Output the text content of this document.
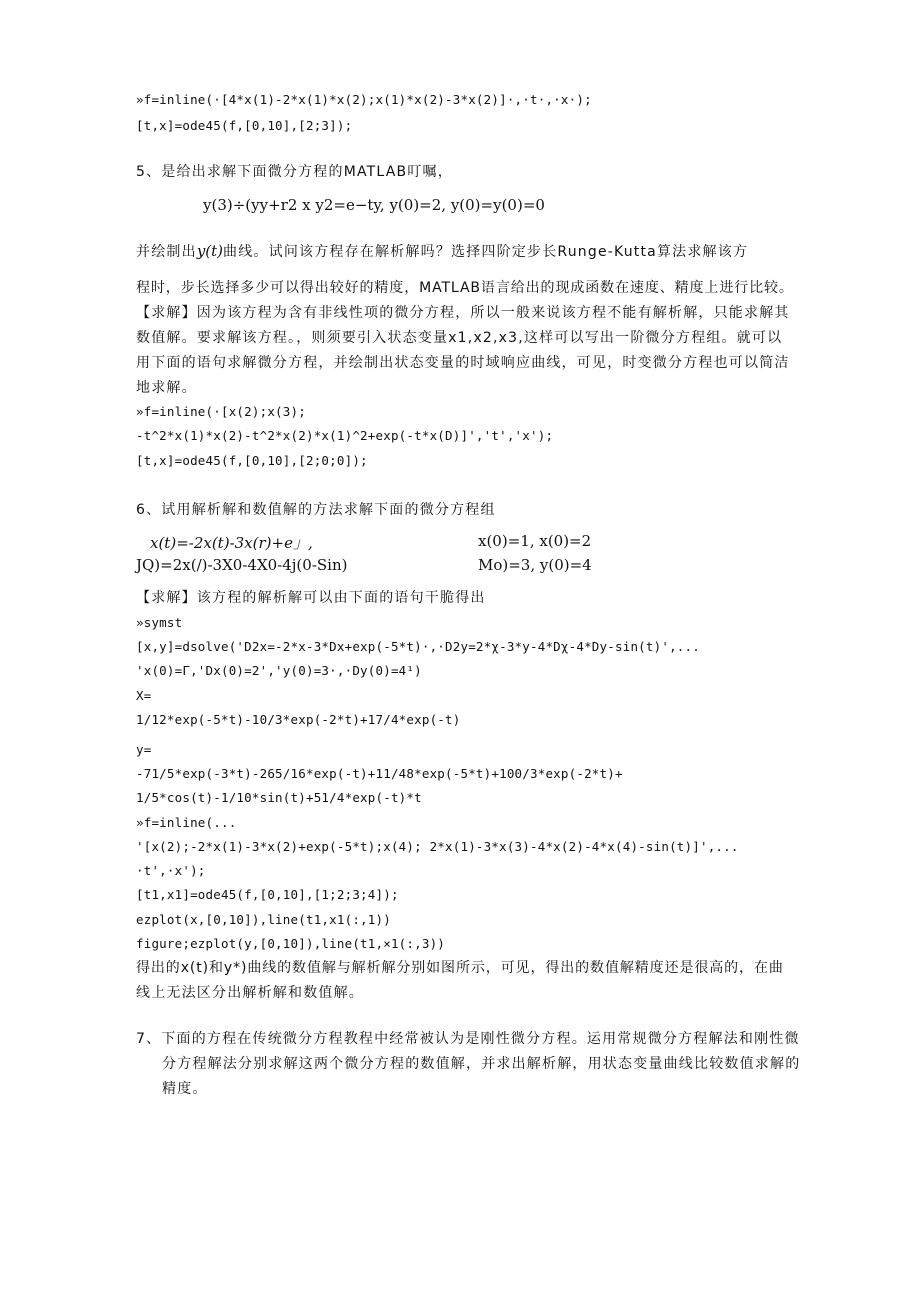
»f=inline(·[4*x(1)-2*x(1)*x(2);x(1)*x(2)-3*x(2)]·,·t·,·x·);
[t,x]=ode45(f,[0,10],[2;3]);
5、是给出求解下面微分方程的MATLAB叮嘱，
y(3)÷(yy+r2 x y2=e−ty, y(0)=2, y(0)=y(0)=0
并绘制出y(t)曲线。试问该方程存在解析解吗？选择四阶定步长Runge-Kutta算法求解该方
程时，步长选择多少可以得出较好的精度，MATLAB语言给出的现成函数在速度、精度上进行比较。
【求解】因为该方程为含有非线性项的微分方程，所以一般来说该方程不能有解析解，只能求解其
数值解。要求解该方程。，则须要引入状态变量x1,x2,x3,这样可以写出一阶微分方程组。就可以
用下面的语句求解微分方程，并绘制出状态变量的时域响应曲线，可见，时变微分方程也可以简洁
地求解。
»f=inline(·[x(2);x(3);
-t^2*x(1)*x(2)-t^2*x(2)*x(1)^2+exp(-t*x(D)]','t','x');
[t,x]=ode45(f,[0,10],[2;0;0]);
6、试用解析解和数值解的方法求解下面的微分方程组
x(t)=-2x(t)-3x(r)+e」,	x(0)=1, x(0)=2
JQ)=2x(/)-3X0-4X0-4j(0-Sin)	Mo)=3, y(0)=4
【求解】该方程的解析解可以由下面的语句干脆得出
»symst
[x,y]=dsolve('D2x=-2*x-3*Dx+exp(-5*t)·,·D2y=2*χ-3*y-4*Dχ-4*Dy-sin(t)',...
'x(0)=Γ,'Dx(0)=2','y(0)=3·,·Dy(0)=4¹)
X=
1/12*exp(-5*t)-10/3*exp(-2*t)+17/4*exp(-t)
y=
-71/5*exp(-3*t)-265/16*exp(-t)+11/48*exp(-5*t)+100/3*exp(-2*t)+
1/5*cos(t)-1/10*sin(t)+51/4*exp(-t)*t
»f=inline(...
'[x(2);-2*x(1)-3*x(2)+exp(-5*t);x(4); 2*x(1)-3*x(3)-4*x(2)-4*x(4)-sin(t)]',...
·t',·x');
[t1,x1]=ode45(f,[0,10],[1;2;3;4]);
ezplot(x,[0,10]),line(t1,x1(:,1))
figure;ezplot(y,[0,10]),line(t1,×1(:,3))
得出的x(t)和y*)曲线的数值解与解析解分别如图所示，可见，得出的数值解精度还是很高的，在曲
线上无法区分出解析解和数值解。
7、下面的方程在传统微分方程教程中经常被认为是刚性微分方程。运用常规微分方程解法和刚性微
分方程解法分别求解这两个微分方程的数值解，并求出解析解，用状态变量曲线比较数值求解的
精度。
